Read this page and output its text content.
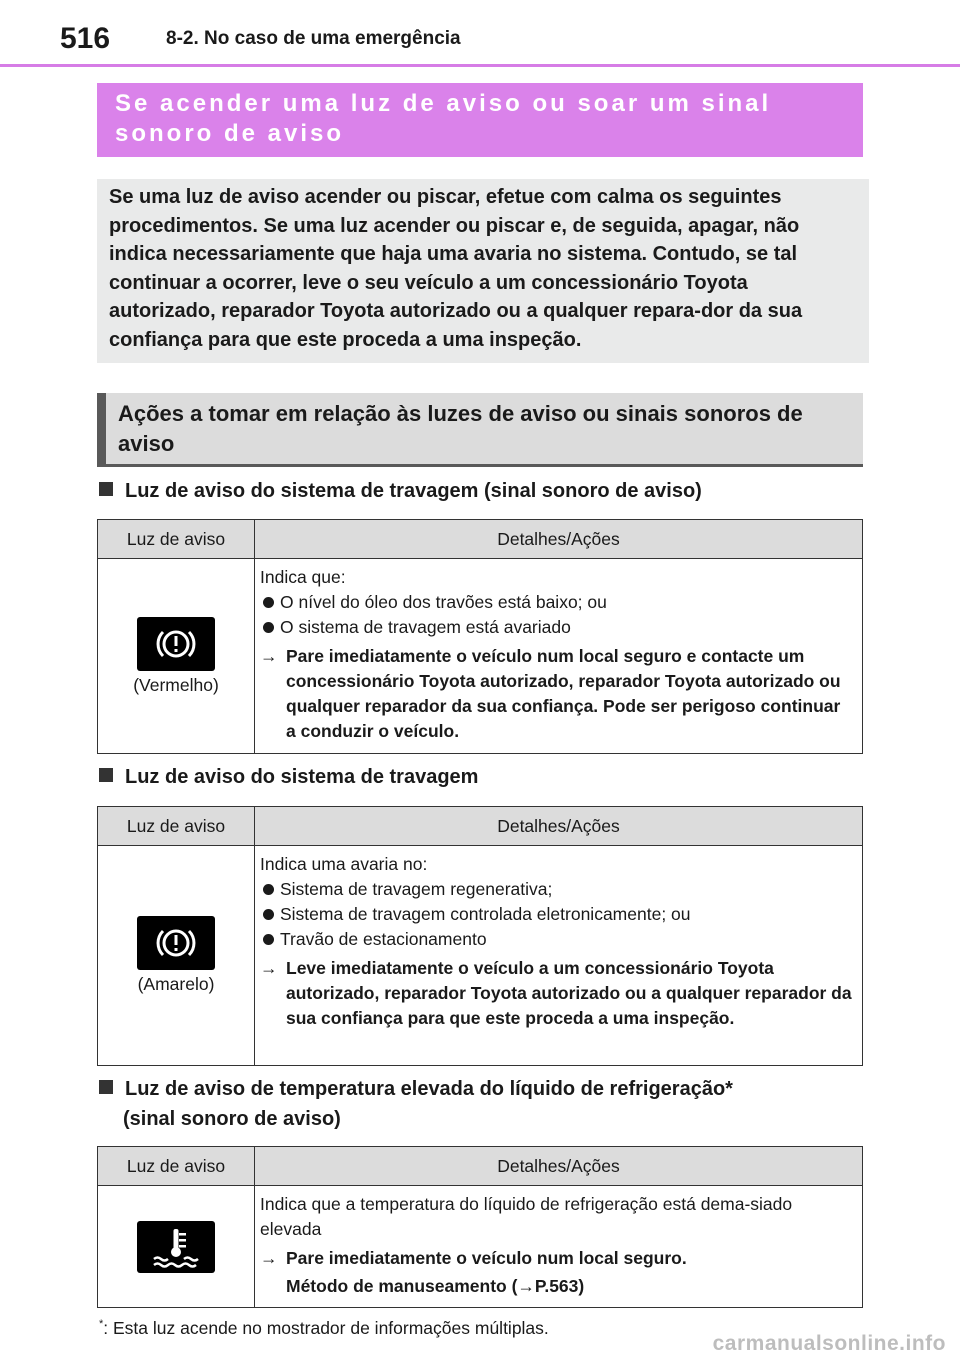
516	8-2. No caso de uma emergência
Se acender uma luz de aviso ou soar um sinal sonoro de aviso
Se uma luz de aviso acender ou piscar, efetue com calma os seguintes procedimentos. Se uma luz acender ou piscar e, de seguida, apagar, não indica necessariamente que haja uma avaria no sistema. Contudo, se tal continuar a ocorrer, leve o seu veículo a um concessionário Toyota autorizado, reparador Toyota autorizado ou a qualquer repara-dor da sua confiança para que este proceda a uma inspeção.
Ações a tomar em relação às luzes de aviso ou sinais sonoros de aviso
Luz de aviso do sistema de travagem (sinal sonoro de aviso)
Luz de aviso	Detalhes/Ações
(Vermelho)
Indica que:
O nível do óleo dos travões está baixo; ou
O sistema de travagem está avariado
→ Pare imediatamente o veículo num local seguro e contacte um concessionário Toyota autorizado, reparador Toyota autorizado ou qualquer reparador da sua confiança. Pode ser perigoso continuar a conduzir o veículo.
Luz de aviso do sistema de travagem
Luz de aviso	Detalhes/Ações
(Amarelo)
Indica uma avaria no:
Sistema de travagem regenerativa;
Sistema de travagem controlada eletronicamente; ou
Travão de estacionamento
→ Leve imediatamente o veículo a um concessionário Toyota autorizado, reparador Toyota autorizado ou a qualquer reparador da sua confiança para que este proceda a uma inspeção.
Luz de aviso de temperatura elevada do líquido de refrigeração*
(sinal sonoro de aviso)
Luz de aviso	Detalhes/Ações
Indica que a temperatura do líquido de refrigeração está dema-siado elevada
→ Pare imediatamente o veículo num local seguro.
Método de manuseamento (→P.563)
*: Esta luz acende no mostrador de informações múltiplas.
carmanualsonline.info
